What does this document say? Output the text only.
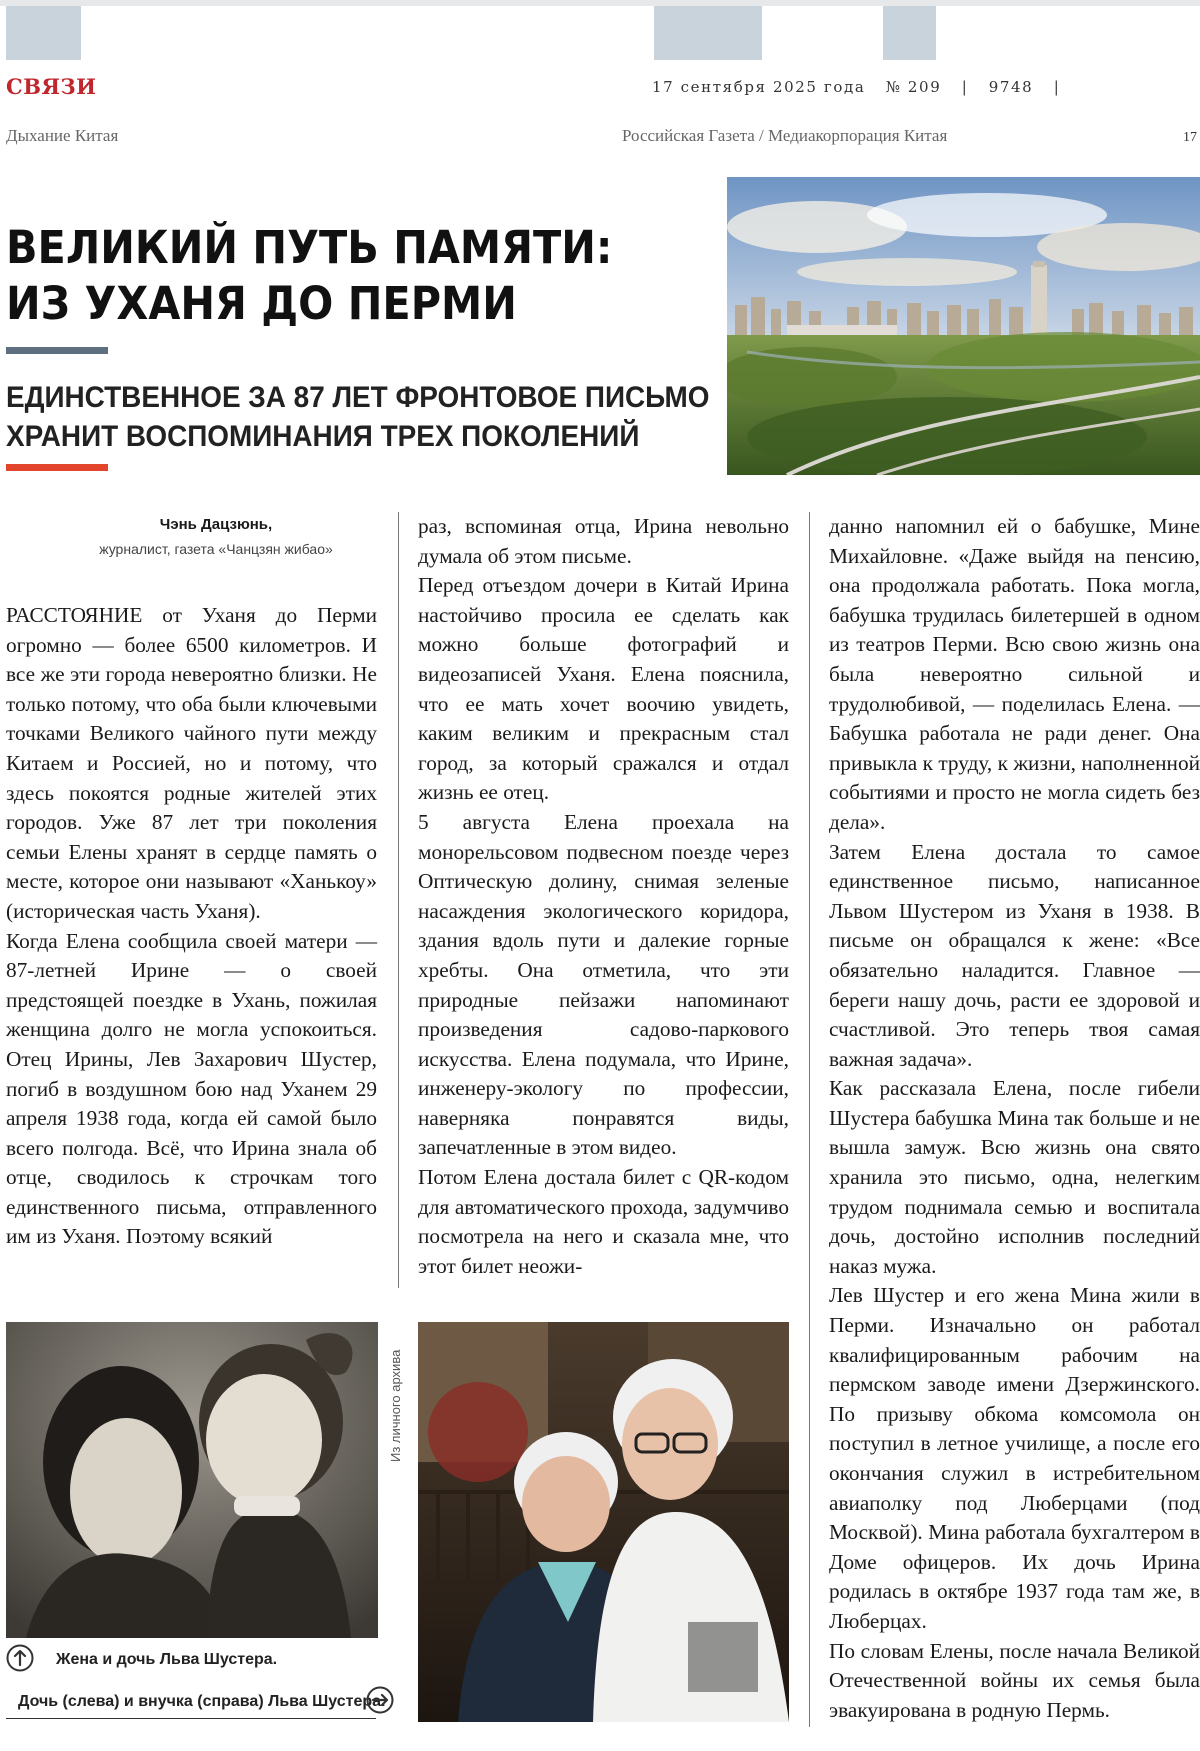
СВЯЗИ	17 сентября 2025 года № 209 | 9748 |
Дыхание Китая	Российская Газета / Медиакорпорация Китая	17
ВЕЛИКИЙ ПУТЬ ПАМЯТИ:
ИЗ УХАНЯ ДО ПЕРМИ
ЕДИНСТВЕННОЕ ЗА 87 ЛЕТ ФРОНТОВОЕ ПИСЬМО
ХРАНИТ ВОСПОМИНАНИЯ ТРЕХ ПОКОЛЕНИЙ
Чэнь Дацзюнь,
журналист, газета «Чанцзян жибао»

РАССТОЯНИЕ от Уханя до Перми огромно — более 6500 километров. И все же эти города невероятно близки. Не только потому, что оба были ключевыми точками Великого чайного пути между Китаем и Россией, но и потому, что здесь покоятся родные жителей этих городов. Уже 87 лет три поколения семьи Елены хранят в сердце память о месте, которое они называют «Ханькоу» (историческая часть Уханя).

Когда Елена сообщила своей матери — 87-летней Ирине — о своей предстоящей поездке в Ухань, пожилая женщина долго не могла успокоиться. Отец Ирины, Лев Захарович Шустер, погиб в воздушном бою над Уханем 29 апреля 1938 года, когда ей самой было всего полгода. Всё, что Ирина знала об отце, сводилось к строчкам того единственного письма, отправленного им из Уханя. Поэтому всякий

раз, вспоминая отца, Ирина невольно думала об этом письме.

Перед отъездом дочери в Китай Ирина настойчиво просила ее сделать как можно больше фотографий и видеозаписей Уханя. Елена пояснила, что ее мать хочет воочию увидеть, каким великим и прекрасным стал город, за который сражался и отдал жизнь ее отец.

5 августа Елена проехала на монорельсовом подвесном поезде через Оптическую долину, снимая зеленые насаждения экологического коридора, здания вдоль пути и далекие горные хребты. Она отметила, что эти природные пейзажи напоминают произведения садово-паркового искусства. Елена подумала, что Ирине, инженеру-экологу по профессии, наверняка понравятся виды, запечатленные в этом видео.

Потом Елена достала билет с QR-кодом для автоматического прохода, задумчиво посмотрела на него и сказала мне, что этот билет неожи-

данно напомнил ей о бабушке, Мине Михайловне. «Даже выйдя на пенсию, она продолжала работать. Пока могла, бабушка трудилась билетершей в одном из театров Перми. Всю свою жизнь она была невероятно сильной и трудолюбивой, — поделилась Елена. — Бабушка работала не ради денег. Она привыкла к труду, к жизни, наполненной событиями и просто не могла сидеть без дела».

Затем Елена достала то самое единственное письмо, написанное Львом Шустером из Уханя в 1938. В письме он обращался к жене: «Все обязательно наладится. Главное — береги нашу дочь, расти ее здоровой и счастливой. Это теперь твоя самая важная задача».

Как рассказала Елена, после гибели Шустера бабушка Мина так больше и не вышла замуж. Всю жизнь она свято хранила это письмо, одна, нелегким трудом поднимала семью и воспитала дочь, достойно исполнив последний наказ мужа.

Лев Шустер и его жена Мина жили в Перми. Изначально он работал квалифицированным рабочим на пермском заводе имени Дзержинского. По призыву обкома комсомола он поступил в летное училище, а после его окончания служил в истребительном авиаполку под Люберцами (под Москвой). Мина работала бухгалтером в Доме офицеров. Их дочь Ирина родилась в октябре 1937 года там же, в Люберцах.

По словам Елены, после начала Великой Отечественной войны их семья была эвакуирована в родную Пермь.

Из личного архива
Жена и дочь Льва Шустера.
Дочь (слева) и внучка (справа) Льва Шустера.
